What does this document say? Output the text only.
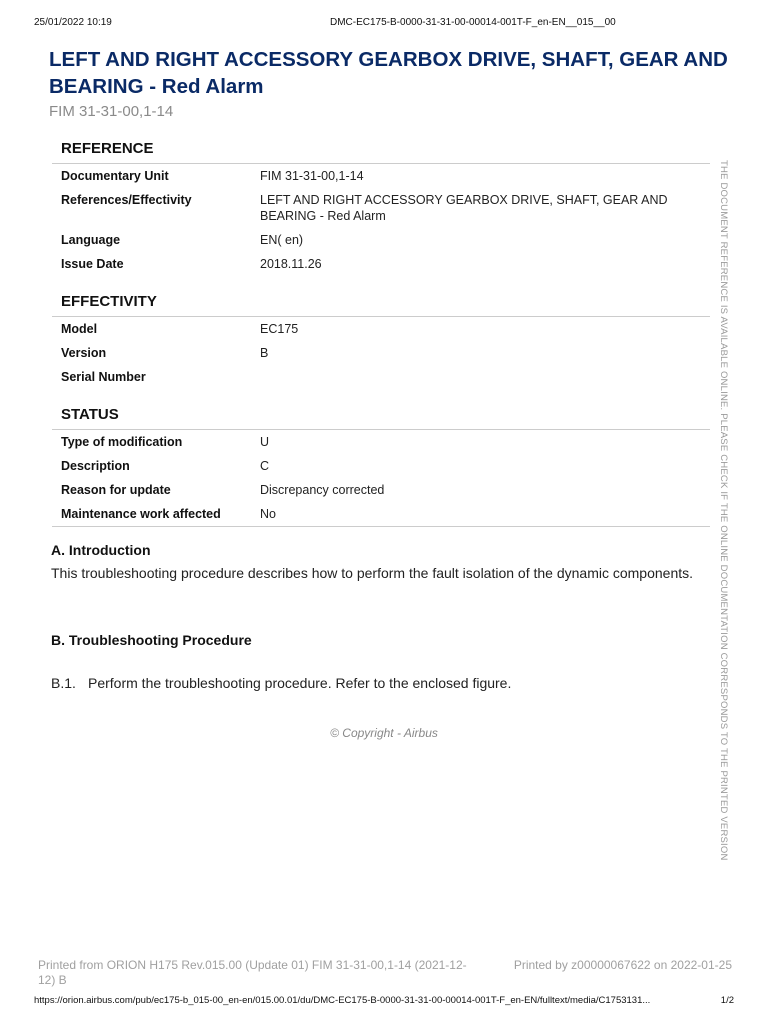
25/01/2022 10:19	DMC-EC175-B-0000-31-31-00-00014-001T-F_en-EN__015__00
LEFT AND RIGHT ACCESSORY GEARBOX DRIVE, SHAFT, GEAR AND BEARING - Red Alarm
FIM 31-31-00,1-14
REFERENCE
Documentary Unit	FIM 31-31-00,1-14
References/Effectivity	LEFT AND RIGHT ACCESSORY GEARBOX DRIVE, SHAFT, GEAR AND BEARING - Red Alarm
Language	EN( en)
Issue Date	2018.11.26
EFFECTIVITY
Model	EC175
Version	B
Serial Number
STATUS
Type of modification	U
Description	C
Reason for update	Discrepancy corrected
Maintenance work affected	No
A. Introduction
This troubleshooting procedure describes how to perform the fault isolation of the dynamic components.
B. Troubleshooting Procedure
B.1. Perform the troubleshooting procedure. Refer to the enclosed figure.
© Copyright - Airbus	THE DOCUMENT REFERENCE IS AVAILABLE ONLINE. PLEASE CHECK IF THE ONLINE DOCUMENTATION CORRESPONDS TO THE PRINTED VERSION
Printed from ORION H175 Rev.015.00 (Update 01) FIM 31-31-00,1-14 (2021-12-12) B
Printed by z00000067622 on 2022-01-25
https://orion.airbus.com/pub/ec175-b_015-00_en-en/015.00.01/du/DMC-EC175-B-0000-31-31-00-00014-001T-F_en-EN/fulltext/media/C1753131...	1/2
